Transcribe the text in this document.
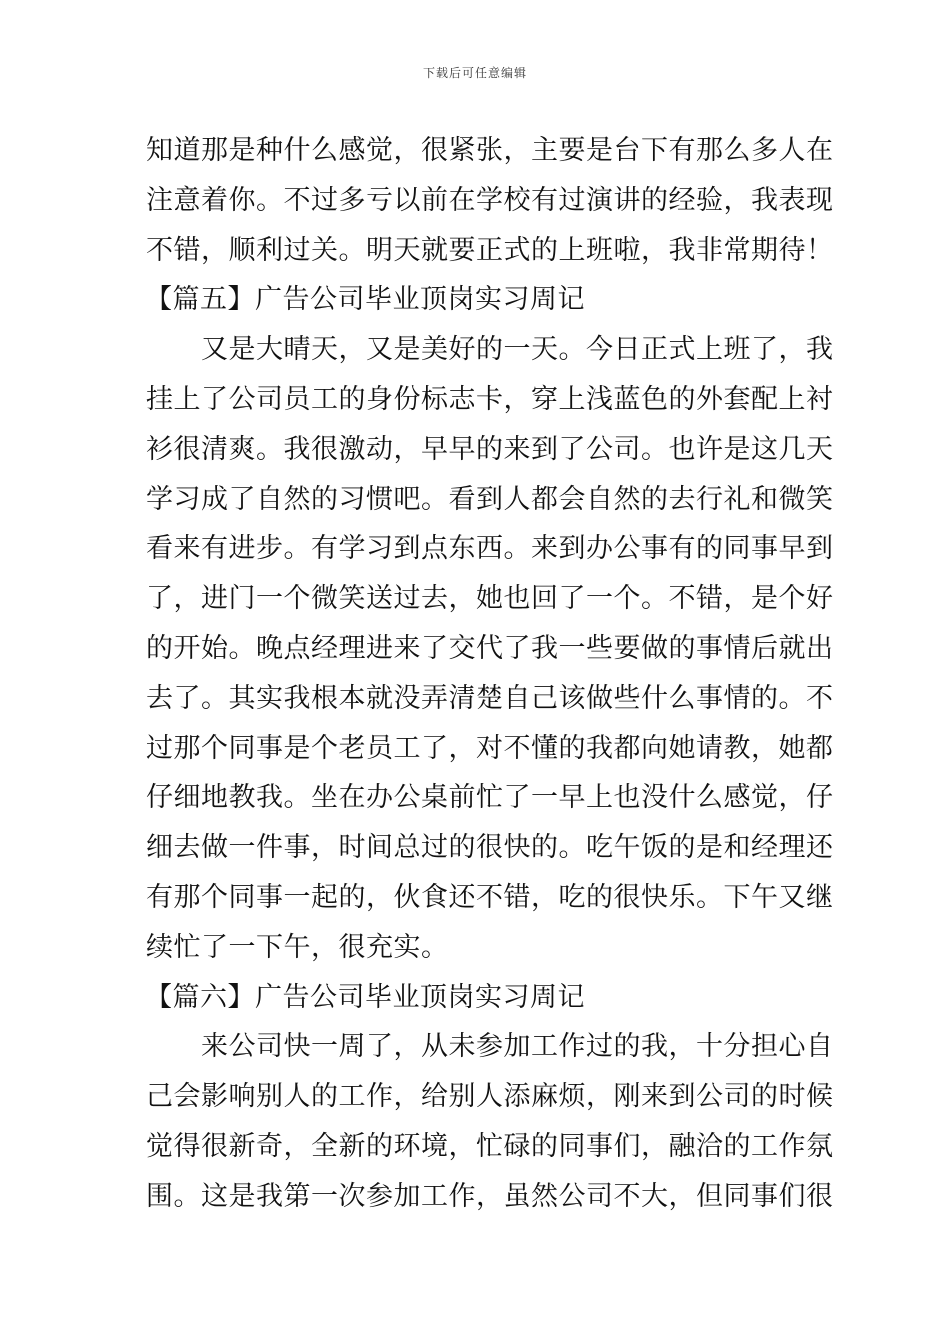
下载后可任意编辑
知道那是种什么感觉，很紧张，主要是台下有那么多人在
注意着你。不过多亏以前在学校有过演讲的经验，我表现
不错，顺利过关。明天就要正式的上班啦，我非常期待！
【篇五】广告公司毕业顶岗实习周记
　　又是大晴天，又是美好的一天。今日正式上班了，我
挂上了公司员工的身份标志卡，穿上浅蓝色的外套配上衬
衫很清爽。我很激动，早早的来到了公司。也许是这几天
学习成了自然的习惯吧。看到人都会自然的去行礼和微笑
看来有进步。有学习到点东西。来到办公事有的同事早到
了，进门一个微笑送过去，她也回了一个。不错，是个好
的开始。晚点经理进来了交代了我一些要做的事情后就出
去了。其实我根本就没弄清楚自己该做些什么事情的。不
过那个同事是个老员工了，对不懂的我都向她请教，她都
仔细地教我。坐在办公桌前忙了一早上也没什么感觉，仔
细去做一件事，时间总过的很快的。吃午饭的是和经理还
有那个同事一起的，伙食还不错，吃的很快乐。下午又继
续忙了一下午，很充实。
【篇六】广告公司毕业顶岗实习周记
　　来公司快一周了，从未参加工作过的我，十分担心自
己会影响别人的工作，给别人添麻烦，刚来到公司的时候
觉得很新奇，全新的环境，忙碌的同事们，融洽的工作氛
围。这是我第一次参加工作，虽然公司不大，但同事们很
